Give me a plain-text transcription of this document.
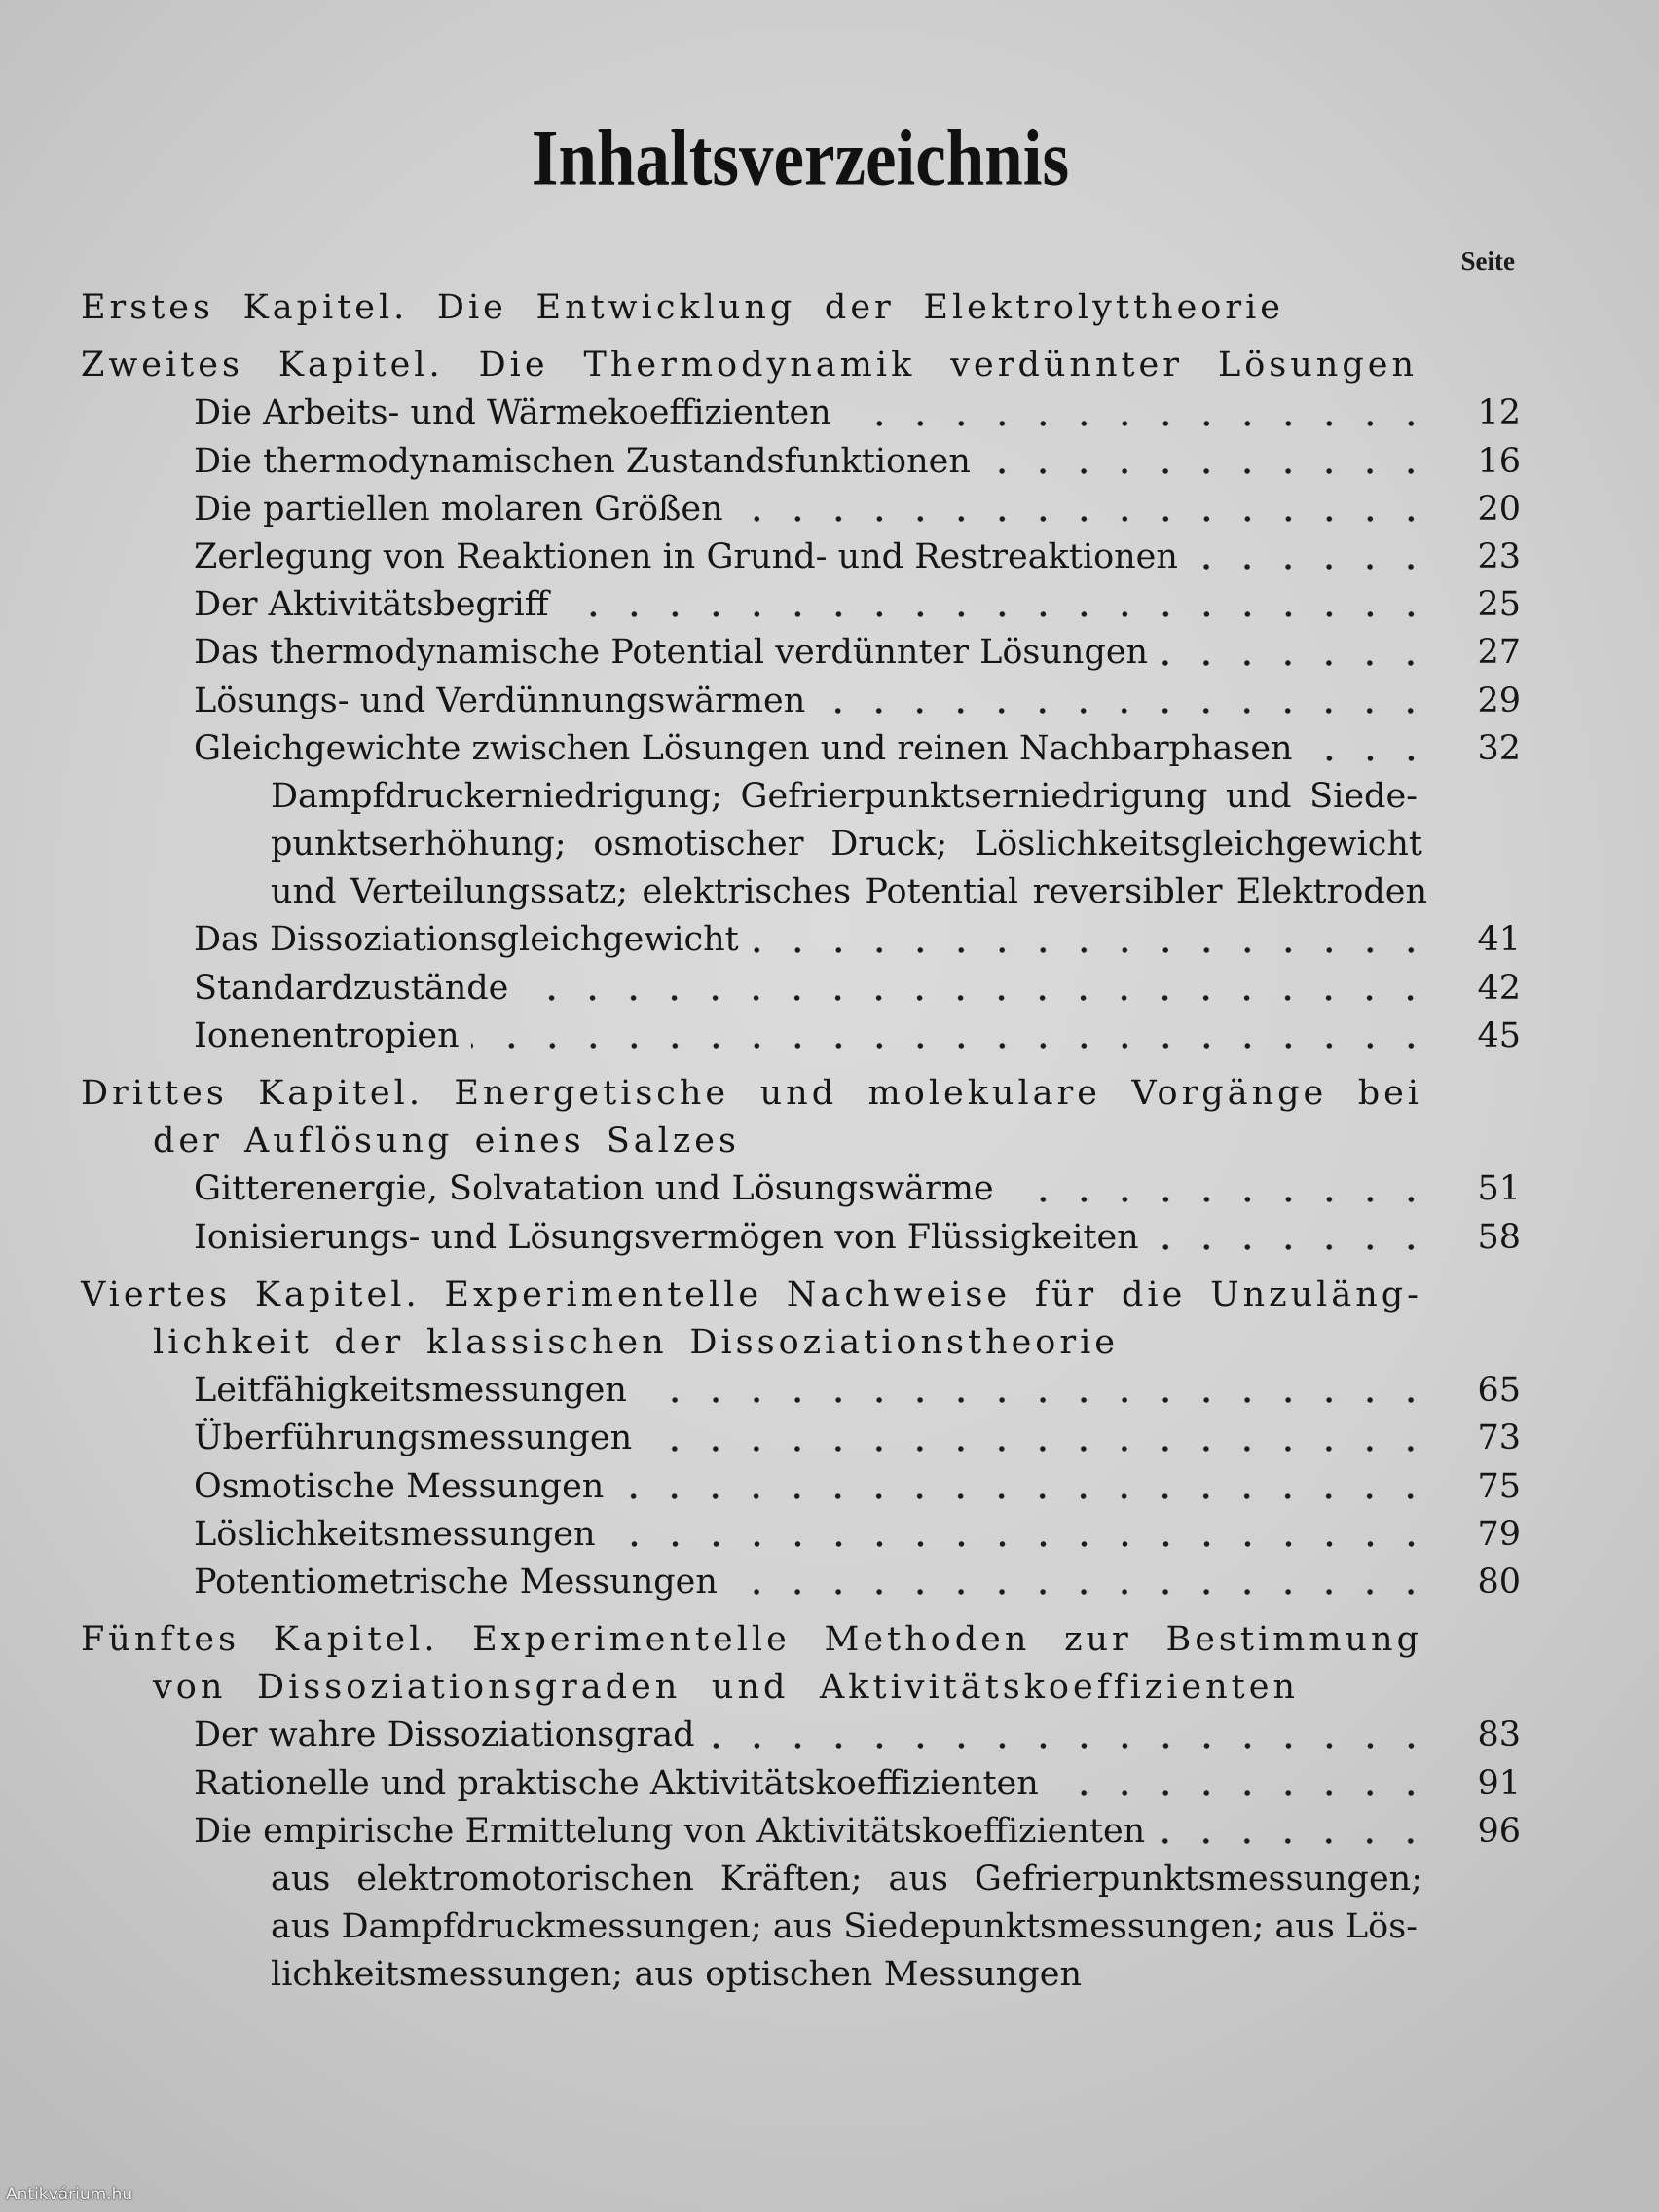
Inhaltsverzeichnis
Seite
Erstes Kapitel. Die Entwicklung der Elektrolyttheorie
Zweites Kapitel. Die Thermodynamik verdünnter Lösungen
Die Arbeits- und Wärmekoeffizienten	12
Die thermodynamischen Zustandsfunktionen	16
Die partiellen molaren Größen	20
Zerlegung von Reaktionen in Grund- und Restreaktionen	23
Der Aktivitätsbegriff	25
Das thermodynamische Potential verdünnter Lösungen	27
Lösungs- und Verdünnungswärmen	29
Gleichgewichte zwischen Lösungen und reinen Nachbarphasen	32
Dampfdruckerniedrigung; Gefrierpunktserniedrigung und Siede-
punktserhöhung; osmotischer Druck; Löslichkeitsgleichgewicht
und Verteilungssatz; elektrisches Potential reversibler Elektroden
Das Dissoziationsgleichgewicht	41
Standardzustände	42
Ionenentropien	45
Drittes Kapitel. Energetische und molekulare Vorgänge bei
der Auflösung eines Salzes
Gitterenergie, Solvatation und Lösungswärme	51
Ionisierungs- und Lösungsvermögen von Flüssigkeiten	58
Viertes Kapitel. Experimentelle Nachweise für die Unzuläng-
lichkeit der klassischen Dissoziationstheorie
Leitfähigkeitsmessungen	65
Überführungsmessungen	73
Osmotische Messungen	75
Löslichkeitsmessungen	79
Potentiometrische Messungen	80
Fünftes Kapitel. Experimentelle Methoden zur Bestimmung
von Dissoziationsgraden und Aktivitätskoeffizienten
Der wahre Dissoziationsgrad	83
Rationelle und praktische Aktivitätskoeffizienten	91
Die empirische Ermittelung von Aktivitätskoeffizienten	96
aus elektromotorischen Kräften; aus Gefrierpunktsmessungen;
aus Dampfdruckmessungen; aus Siedepunktsmessungen; aus Lös-
lichkeitsmessungen; aus optischen Messungen
Antikvárium.hu
